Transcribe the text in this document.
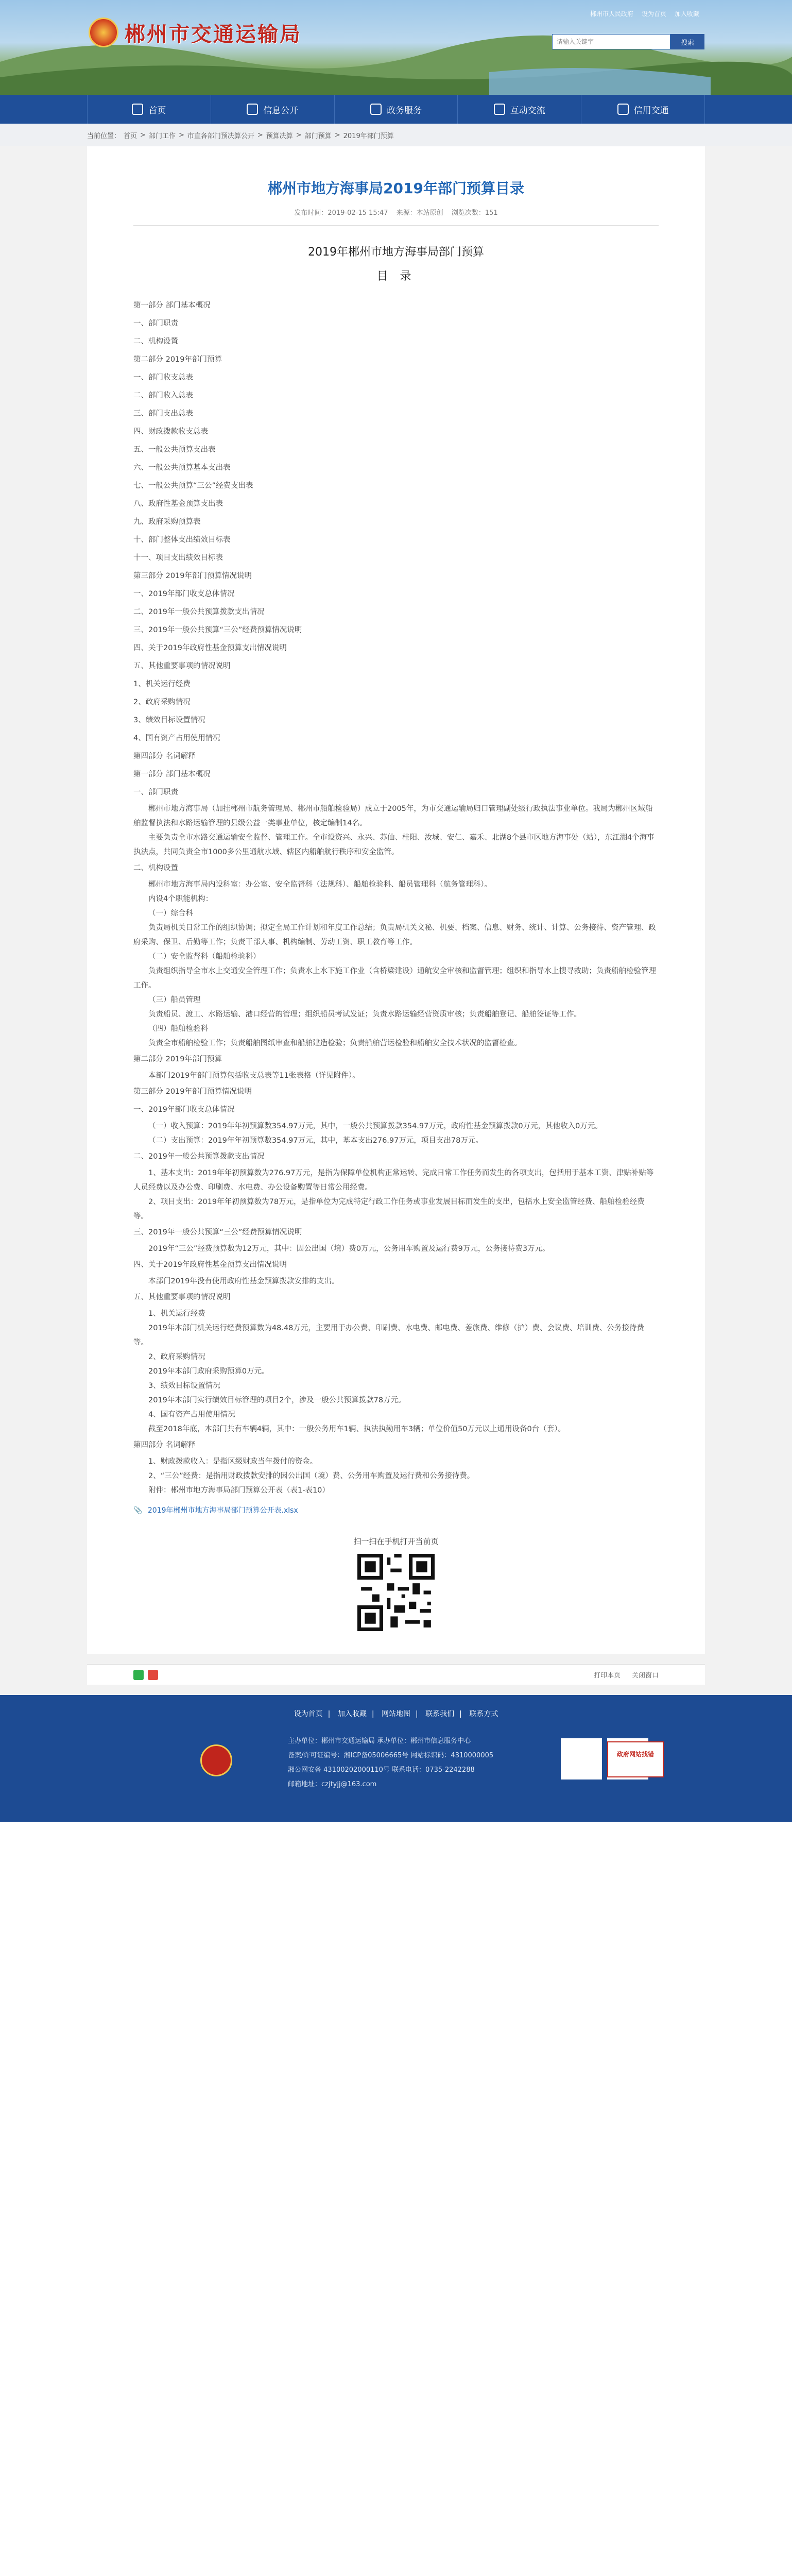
郴州市交通运输局
郴州市人民政府 设为首页 加入收藏
请输入关键字
搜索
首页	信息公开	政务服务	互动交流	信用交通
当前位置： 首页 > 部门工作 > 市直各部门预决算公开 > 预算决算 > 部门预算 > 2019年部门预算
郴州市地方海事局2019年部门预算目录
发布时间：2019-02-15 15:47 来源：本站原创 浏览次数：151
2019年郴州市地方海事局部门预算
目 录

第一部分 部门基本概况

一、部门职责

二、机构设置

第二部分 2019年部门预算

一、部门收支总表

二、部门收入总表

三、部门支出总表

四、财政拨款收支总表

五、一般公共预算支出表

六、一般公共预算基本支出表

七、一般公共预算“三公”经费支出表

八、政府性基金预算支出表

九、政府采购预算表

十、部门整体支出绩效目标表

十一、项目支出绩效目标表

第三部分 2019年部门预算情况说明

一、2019年部门收支总体情况

二、2019年一般公共预算拨款支出情况

三、2019年一般公共预算“三公”经费预算情况说明

四、关于2019年政府性基金预算支出情况说明

五、其他重要事项的情况说明

1、机关运行经费

2、政府采购情况

3、绩效目标设置情况

4、国有资产占用使用情况

第四部分 名词解释

第一部分 部门基本概况

一、部门职责

郴州市地方海事局（加挂郴州市航务管理局、郴州市船舶检验局）成立于2005年，为市交通运输局归口管理副处级行政执法事业单位。我局为郴州区域船舶监督执法和水路运输管理的县级公益一类事业单位，核定编制14名。

主要负责全市水路交通运输安全监督、管理工作。全市设资兴、永兴、苏仙、桂阳、汝城、安仁、嘉禾、北湖8个县市区地方海事处（站），东江湖4个海事执法点，共同负责全市1000多公里通航水域、辖区内船舶航行秩序和安全监管。

二、机构设置

郴州市地方海事局内设科室：办公室、安全监督科（法规科）、船舶检验科、船员管理科（航务管理科）。

内设4个职能机构：

（一）综合科

负责局机关日常工作的组织协调；拟定全局工作计划和年度工作总结；负责局机关文秘、机要、档案、信息、财务、统计、计算、公务接待、资产管理、政府采购、保卫、后勤等工作；负责干部人事、机构编制、劳动工资、职工教育等工作。

（二）安全监督科（船舶检验科）

负责组织指导全市水上交通安全管理工作；负责水上水下施工作业（含桥梁建设）通航安全审核和监督管理；组织和指导水上搜寻救助；负责船舶检验管理工作。

（三）船员管理

负责船员、渡工、水路运输、港口经营的管理；组织船员考试发证；负责水路运输经营资质审核；负责船舶登记、船舶签证等工作。

（四）船舶检验科

负责全市船舶检验工作；负责船舶图纸审查和船舶建造检验；负责船舶营运检验和船舶安全技术状况的监督检查。

第二部分 2019年部门预算

本部门2019年部门预算包括收支总表等11张表格（详见附件）。

第三部分 2019年部门预算情况说明

一、2019年部门收支总体情况

（一）收入预算：2019年年初预算数354.97万元，其中，一般公共预算拨款354.97万元，政府性基金预算拨款0万元，其他收入0万元。

（二）支出预算：2019年年初预算数354.97万元，其中，基本支出276.97万元，项目支出78万元。

二、2019年一般公共预算拨款支出情况

1、基本支出：2019年年初预算数为276.97万元，是指为保障单位机构正常运转、完成日常工作任务而发生的各项支出，包括用于基本工资、津贴补贴等人员经费以及办公费、印刷费、水电费、办公设备购置等日常公用经费。

2、项目支出：2019年年初预算数为78万元，是指单位为完成特定行政工作任务或事业发展目标而发生的支出，包括水上安全监管经费、船舶检验经费等。

三、2019年一般公共预算“三公”经费预算情况说明

2019年“三公”经费预算数为12万元，其中：因公出国（境）费0万元，公务用车购置及运行费9万元，公务接待费3万元。

四、关于2019年政府性基金预算支出情况说明

本部门2019年没有使用政府性基金预算拨款安排的支出。

五、其他重要事项的情况说明

1、机关运行经费

2019年本部门机关运行经费预算数为48.48万元，主要用于办公费、印刷费、水电费、邮电费、差旅费、维修（护）费、会议费、培训费、公务接待费等。

2、政府采购情况

2019年本部门政府采购预算0万元。

3、绩效目标设置情况

2019年本部门实行绩效目标管理的项目2个，涉及一般公共预算拨款78万元。

4、国有资产占用使用情况

截至2018年底，本部门共有车辆4辆，其中：一般公务用车1辆、执法执勤用车3辆；单位价值50万元以上通用设备0台（套）。

第四部分 名词解释

1、财政拨款收入：是指区级财政当年拨付的资金。

2、“三公”经费：是指用财政拨款安排的因公出国（境）费、公务用车购置及运行费和公务接待费。

附件：郴州市地方海事局部门预算公开表（表1-表10）

📎 2019年郴州市地方海事局部门预算公开表.xlsx
扫一扫在手机打开当前页
打印本页 关闭窗口
设为首页 | 加入收藏 | 网站地图 | 联系我们 | 联系方式
主办单位：郴州市交通运输局 承办单位：郴州市信息服务中心
备案/许可证编号：湘ICP备05006665号 网站标识码：4310000005
湘公网安备 43100202000110号 联系电话：0735-2242288
邮箱地址：czjtyjj@163.com
政府网站找错
